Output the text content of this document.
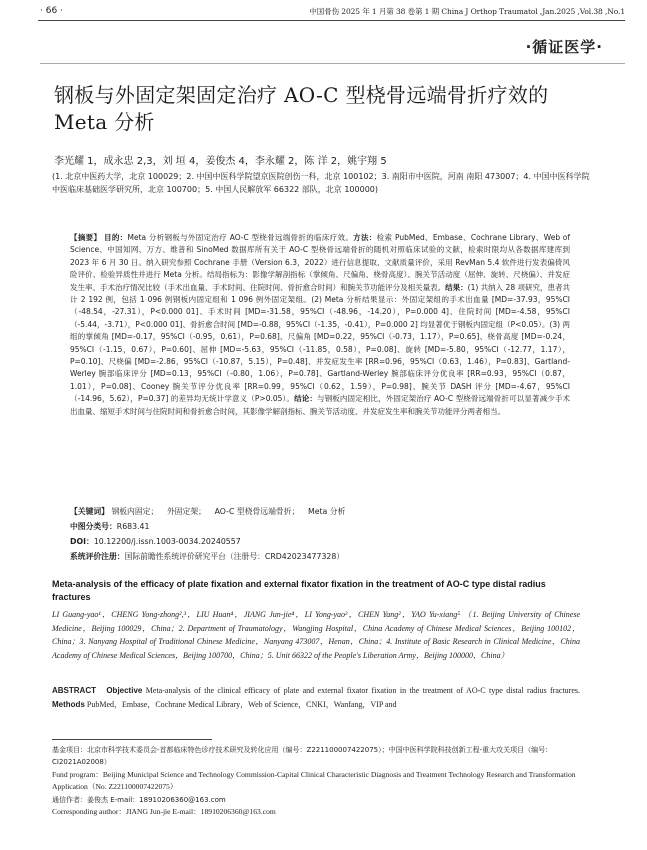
· 66 ·	中国骨伤 2025 年 1 月第 38 卷第 1 期 China J Orthop Traumatol ,Jan.2025 ,Vol.38 ,No.1
·循证医学·
钢板与外固定架固定治疗 AO-C 型桡骨远端骨折疗效的 Meta 分析
李光耀 1，成永忠 2,3，刘 垣 4，姜俊杰 4，李永耀 2，陈 洋 2，姚宇翔 5
(1. 北京中医药大学，北京 100029；2. 中国中医科学院望京医院创伤一科，北京 100102；3. 南阳市中医院，河南 南阳 473007；4. 中国中医科学院中医临床基础医学研究所，北京 100700；5. 中国人民解放军 66322 部队，北京 100000)
【摘要】 目的：Meta 分析钢板与外固定治疗 AO-C 型桡骨远端骨折的临床疗效。方法：检索 PubMed、Embase、Cochrane Library、Web of Science、中国知网、万方、维普和 SinoMed 数据库所有关于 AO-C 型桡骨远端骨折的随机对照临床试验的文献，检索时限均从各数据库建库到 2023 年 6 月 30 日。纳入研究参照 Cochrane 手册（Version 6.3，2022）进行信息提取、文献质量评价，采用 RevMan 5.4 软件进行发表偏倚风险评价、检验异质性并进行 Meta 分析。结局指标为：影像学解剖指标（掌倾角、尺偏角、桡骨高度）、腕关节活动度（屈伸、旋转、尺桡偏）、并发症发生率、手术治疗情况比较（手术出血量、手术时间、住院时间、骨折愈合时间）和腕关节功能评分及相关量表。结果：(1) 共纳入 28 项研究，患者共计 2 192 例，包括 1 096 例钢板内固定组和 1 096 例外固定架组。(2) Meta 分析结果显示：外固定架组的手术出血量 [MD=-37.93，95%CI（-48.54，-27.31），P<0.000 01]、手术时间 [MD=-31.58，95%CI（-48.96，-14.20），P=0.000 4]、住院时间 [MD=-4.58，95%CI（-5.44，-3.71），P<0.000 01]、骨折愈合时间 [MD=-0.88，95%CI（-1.35，-0.41），P=0.000 2] 均显著优于钢板内固定组（P<0.05）。(3) 两组的掌倾角 [MD=-0.17，95%CI（-0.95，0.61），P=0.68]、尺偏角 [MD=0.22，95%CI（-0.73，1.17），P=0.65]、桡骨高度 [MD=-0.24，95%CI（-1.15，0.67），P=0.60]、屈伸 [MD=-5.63，95%CI（-11.85，0.58），P=0.08]、旋转 [MD=-5.80，95%CI（-12.77，1.17），P=0.10]、尺桡偏 [MD=-2.86，95%CI（-10.87，5.15），P=0.48]、并发症发生率 [RR=0.96，95%CI（0.63，1.46），P=0.83]、Gartland-Werley 腕部临床评分 [MD=0.13，95%CI（-0.80，1.06），P=0.78]、Gartland-Werley 腕部临床评分优良率 [RR=0.93，95%CI（0.87，1.01），P=0.08]、Cooney 腕关节评分优良率 [RR=0.99，95%CI（0.62，1.59），P=0.98]、腕关节 DASH 评分 [MD=-4.67，95%CI（-14.96，5.62），P=0.37] 的差异均无统计学意义（P>0.05）。结论：与钢板内固定相比，外固定架治疗 AO-C 型桡骨远端骨折可以显著减少手术出血量、缩短手术时间与住院时间和骨折愈合时间，其影像学解剖指标、腕关节活动度、并发症发生率和腕关节功能评分两者相当。
【关键词】 钢板内固定； 外固定架； AO-C 型桡骨远端骨折； Meta 分析
中图分类号：R683.41
DOI：10.12200/j.issn.1003-0034.20240557
系统评价注册：国际前瞻性系统评价研究平台（注册号：CRD42023477328）
Meta-analysis of the efficacy of plate fixation and external fixator fixation in the treatment of AO-C type distal radius fractures
LI Guang-yao¹，CHENG Yong-zhong²,³，LIU Huan⁴，JIANG Jun-jie⁴，LI Yong-yao²，CHEN Yang²，YAO Yu-xiang⁵ （1. Beijing University of Chinese Medicine，Beijing 100029，China；2. Department of Traumatology，Wangjing Hospital，China Academy of Chinese Medical Sciences，Beijing 100102，China；3. Nanyang Hospital of Traditional Chinese Medicine，Nanyang 473007，Henan，China；4. Institute of Basic Research in Clinical Medicine，China Academy of Chinese Medical Sciences，Beijing 100700，China；5. Unit 66322 of the People's Liberation Army，Beijing 100000，China）
ABSTRACT Objective Meta-analysis of the clinical efficacy of plate and external fixator fixation in the treatment of AO-C type distal radius fractures. Methods PubMed，Embase，Cochrane Medical Library，Web of Science，CNKI，Wanfang，VIP and
基金项目：北京市科学技术委员会-首都临床特色诊疗技术研究及转化应用（编号：Z221100007422075）；中国中医科学院科技创新工程-重大攻关项目（编号：CI2021A02008）
Fund program：Beijing Municipal Science and Technology Commission-Capital Clinical Characteristic Diagnosis and Treatment Technology Research and Transformation Application（No. Z221100007422075）
通信作者：姜俊杰 E-mail：18910206360@163.com
Corresponding author：JIANG Jun-jie E-mail：18910206360@163.com
